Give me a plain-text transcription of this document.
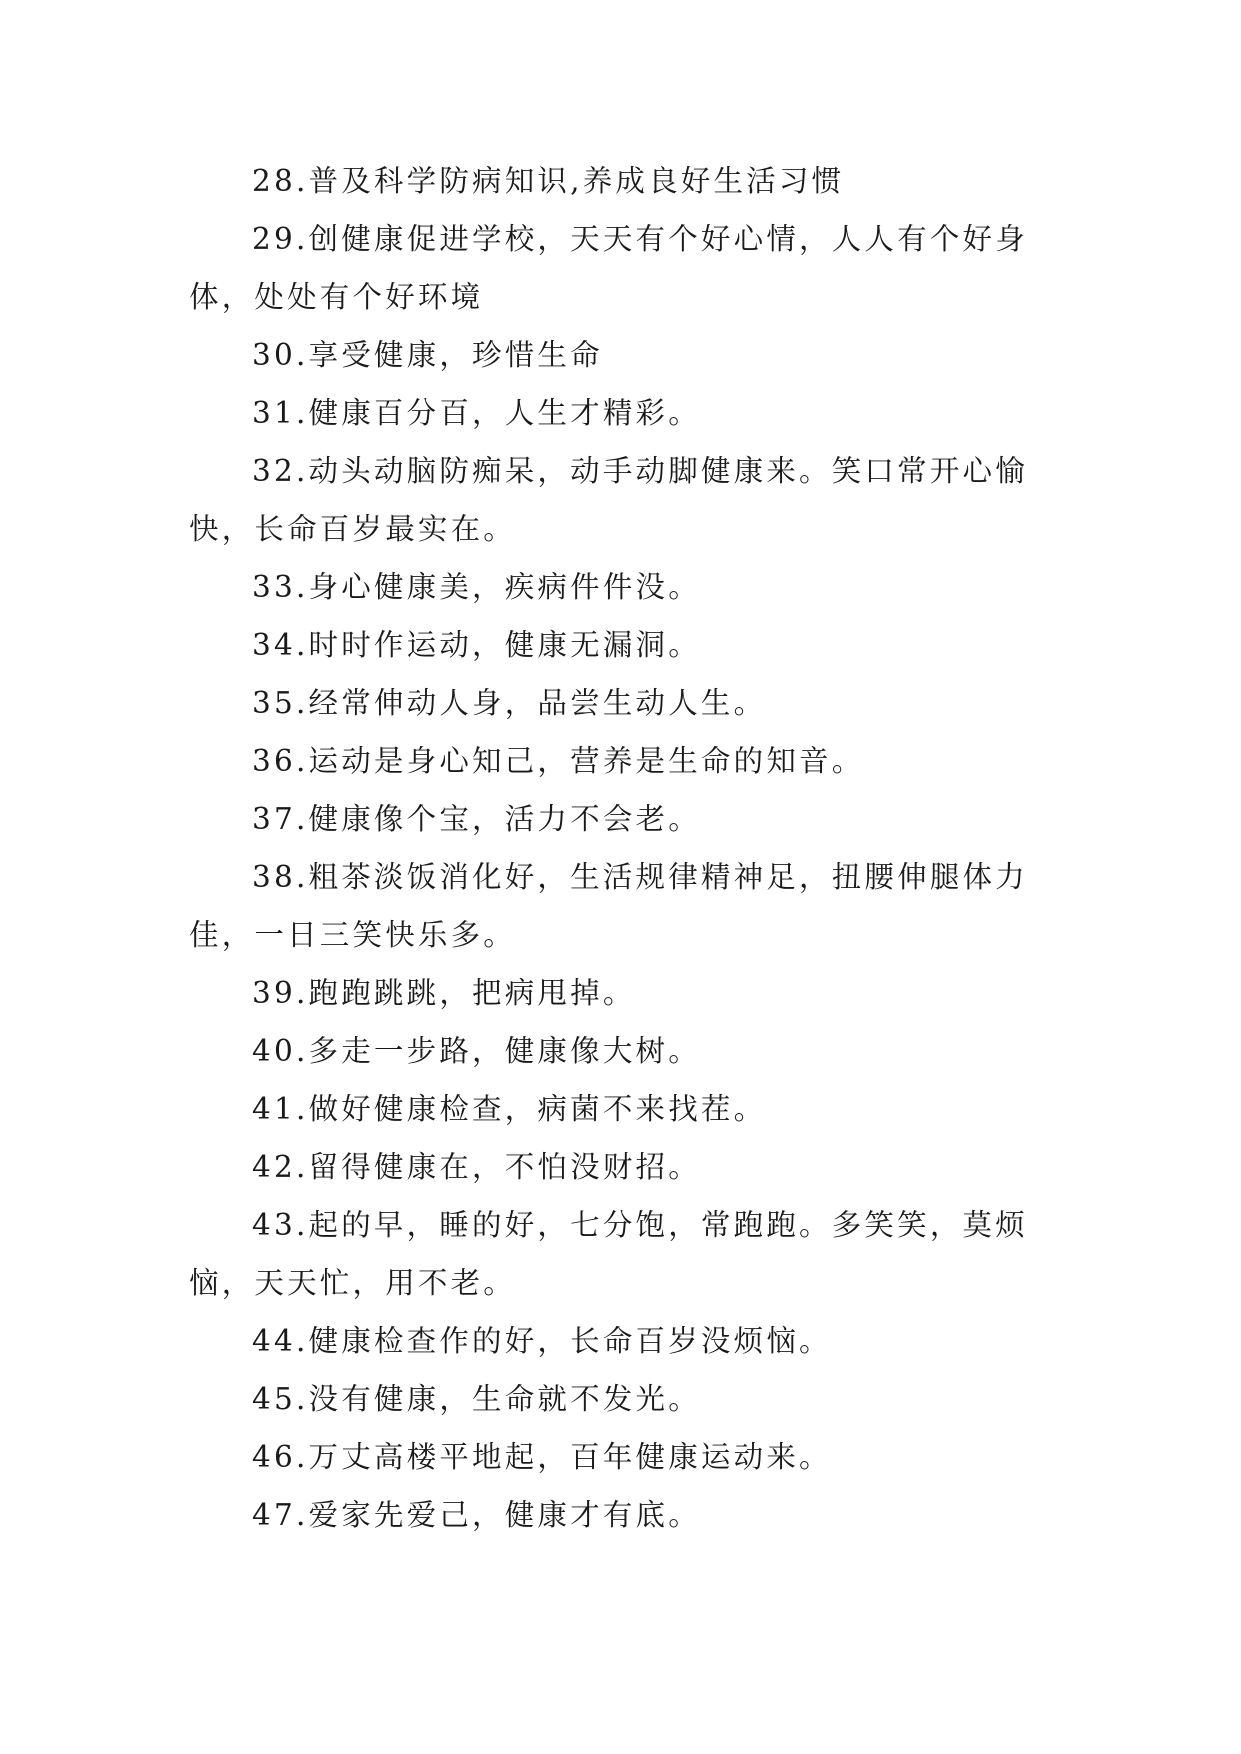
28.普及科学防病知识,养成良好生活习惯

29.创健康促进学校，天天有个好心情，人人有个好身体，处处有个好环境

30.享受健康，珍惜生命

31.健康百分百，人生才精彩。

32.动头动脑防痴呆，动手动脚健康来。笑口常开心愉快，长命百岁最实在。

33.身心健康美，疾病件件没。

34.时时作运动，健康无漏洞。

35.经常伸动人身，品尝生动人生。

36.运动是身心知己，营养是生命的知音。

37.健康像个宝，活力不会老。

38.粗茶淡饭消化好，生活规律精神足，扭腰伸腿体力佳，一日三笑快乐多。

39.跑跑跳跳，把病甩掉。

40.多走一步路，健康像大树。

41.做好健康检查，病菌不来找茬。

42.留得健康在，不怕没财招。

43.起的早，睡的好，七分饱，常跑跑。多笑笑，莫烦恼，天天忙，用不老。

44.健康检查作的好，长命百岁没烦恼。

45.没有健康，生命就不发光。

46.万丈高楼平地起，百年健康运动来。

47.爱家先爱己，健康才有底。
